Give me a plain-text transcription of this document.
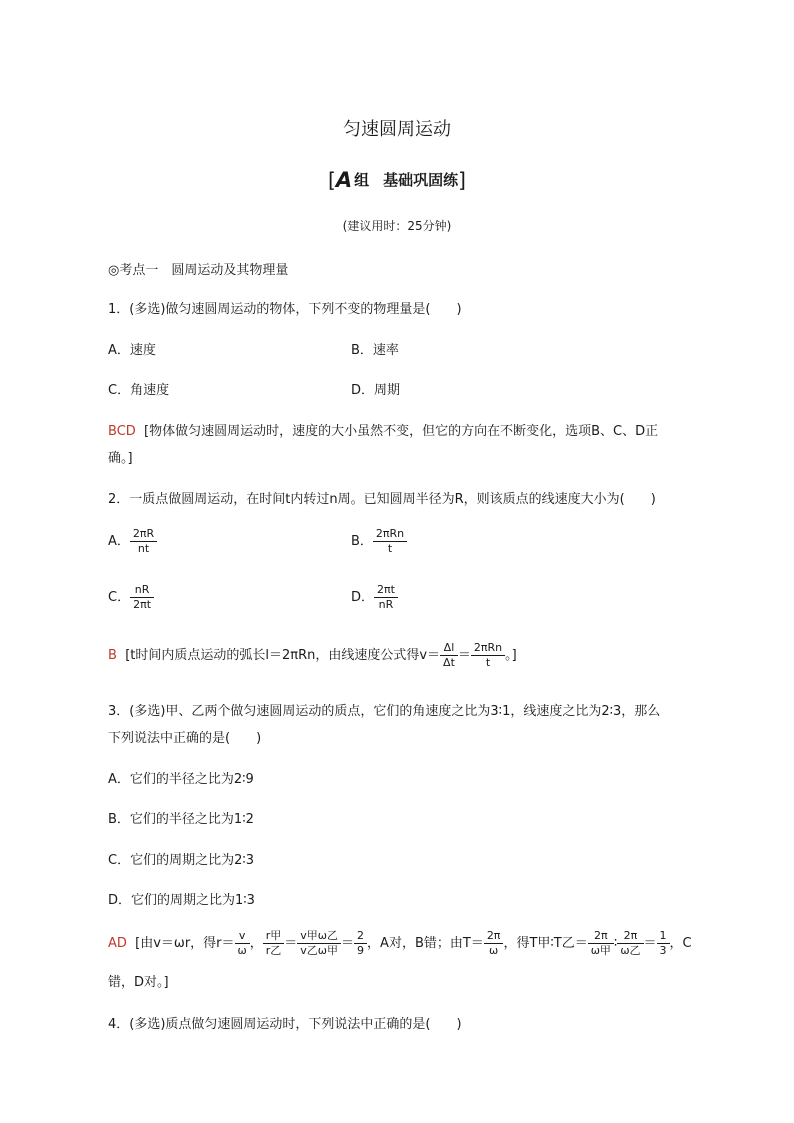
匀速圆周运动
[A 组 基础巩固练]
(建议用时：25分钟)
◎考点一　圆周运动及其物理量
1．(多选)做匀速圆周运动的物体，下列不变的物理量是(　　)
A．速度	B．速率
C．角速度	D．周期
BCD [物体做匀速圆周运动时，速度的大小虽然不变，但它的方向在不断变化，选项B、C、D正
确。]
2．一质点做圆周运动，在时间t内转过n周。已知圆周半径为R，则该质点的线速度大小为(　　)
A． $\frac{2\pi R}{nt}$	B． $\frac{\text{2πRn}}{t}$
C． $\frac{nR}{2\pi t}$	D． $\frac{2\pi t}{nR}$
B [t时间内质点运动的弧长l＝2πRn，由线速度公式得$v= \frac{\Delta l}{\Delta t} = \frac{\text{2πRn}}{t}$ 。]
3．(多选)甲、乙两个做匀速圆周运动的质点，它们的角速度之比为3∶1，线速度之比为2∶3，那么
下列说法中正确的是(　　)
A．它们的半径之比为2∶9
B．它们的半径之比为1∶2
C．它们的周期之比为2∶3
D．它们的周期之比为1∶3
AD [由v＝ωr，得$r= \frac{v}{\omega}$ ， $\frac{\text{r甲}}{\text{r乙}} = \frac{\text{v甲ω乙}}{\text{v乙ω甲}} = \frac{2}{9}$ ，A对，B错；由$T= \frac{2\pi}{\omega}$ ，得T甲∶T乙＝ $\frac{2\pi}{\text{ω甲}}$ ∶ $\frac{2\pi}{\text{ω乙}} = \frac{1}{3}$ ，C
错，D对。]
4．(多选)质点做匀速圆周运动时，下列说法中正确的是(　　)
